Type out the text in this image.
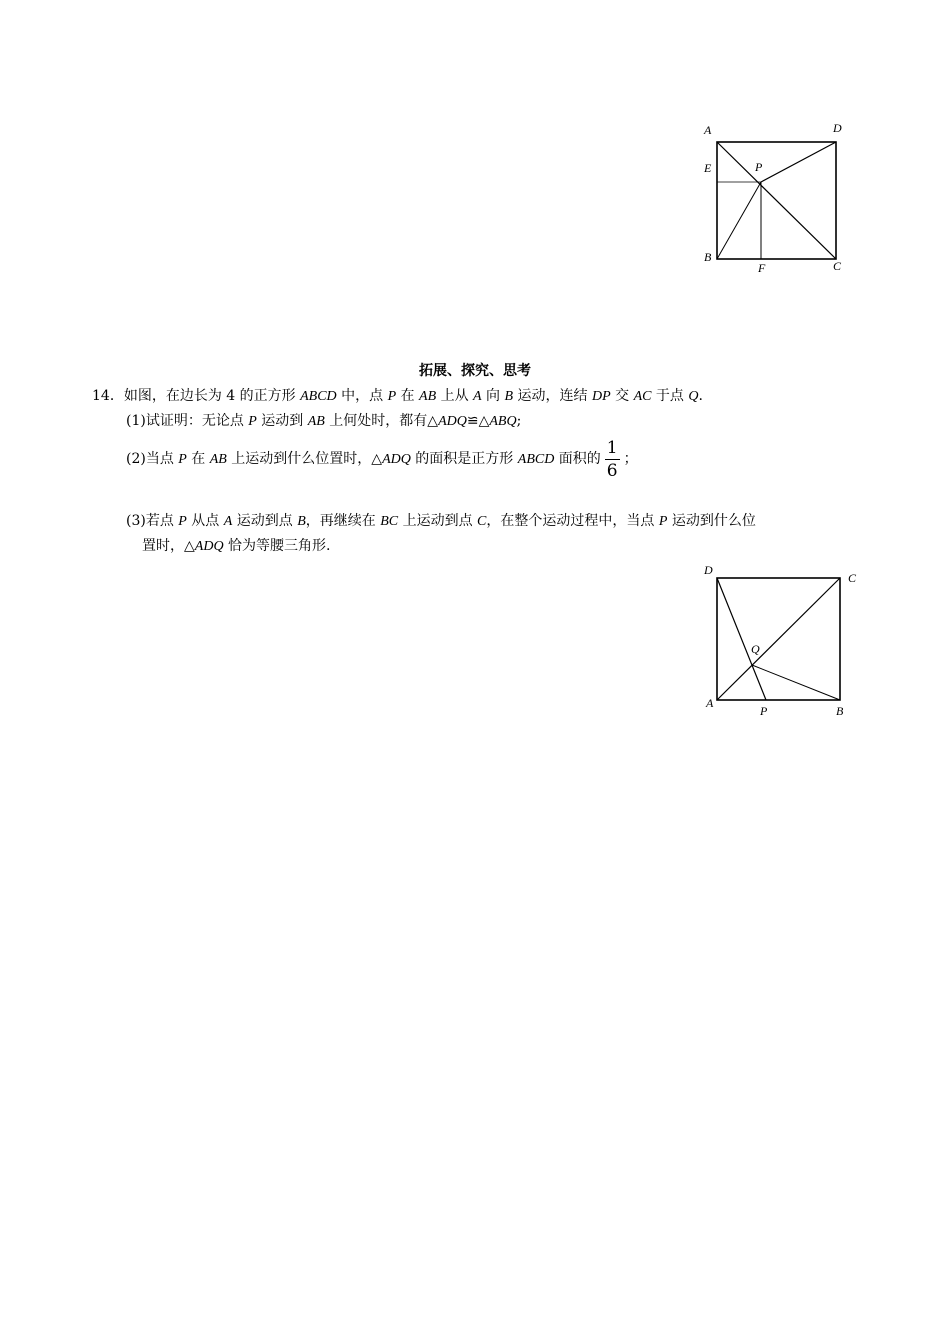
A	D
E	P
B
F	C
拓展、探究、思考
14．如图，在边长为 4 的正方形 ABCD 中，点 P 在 AB 上从 A 向 B 运动，连结 DP 交 AC 于点 Q.
(1)试证明：无论点 P 运动到 AB 上何处时，都有△ADQ≌△ABQ;
(2)当点 P 在 AB 上运动到什么位置时，△ADQ 的面积是正方形 ABCD 面积的 $\frac{1}{6}$ ；
(3)若点 P 从点 A 运动到点 B，再继续在 BC 上运动到点 C，在整个运动过程中，当点 P 运动到什么位
置时，△ADQ 恰为等腰三角形.
D
C
Q
A
P	B
